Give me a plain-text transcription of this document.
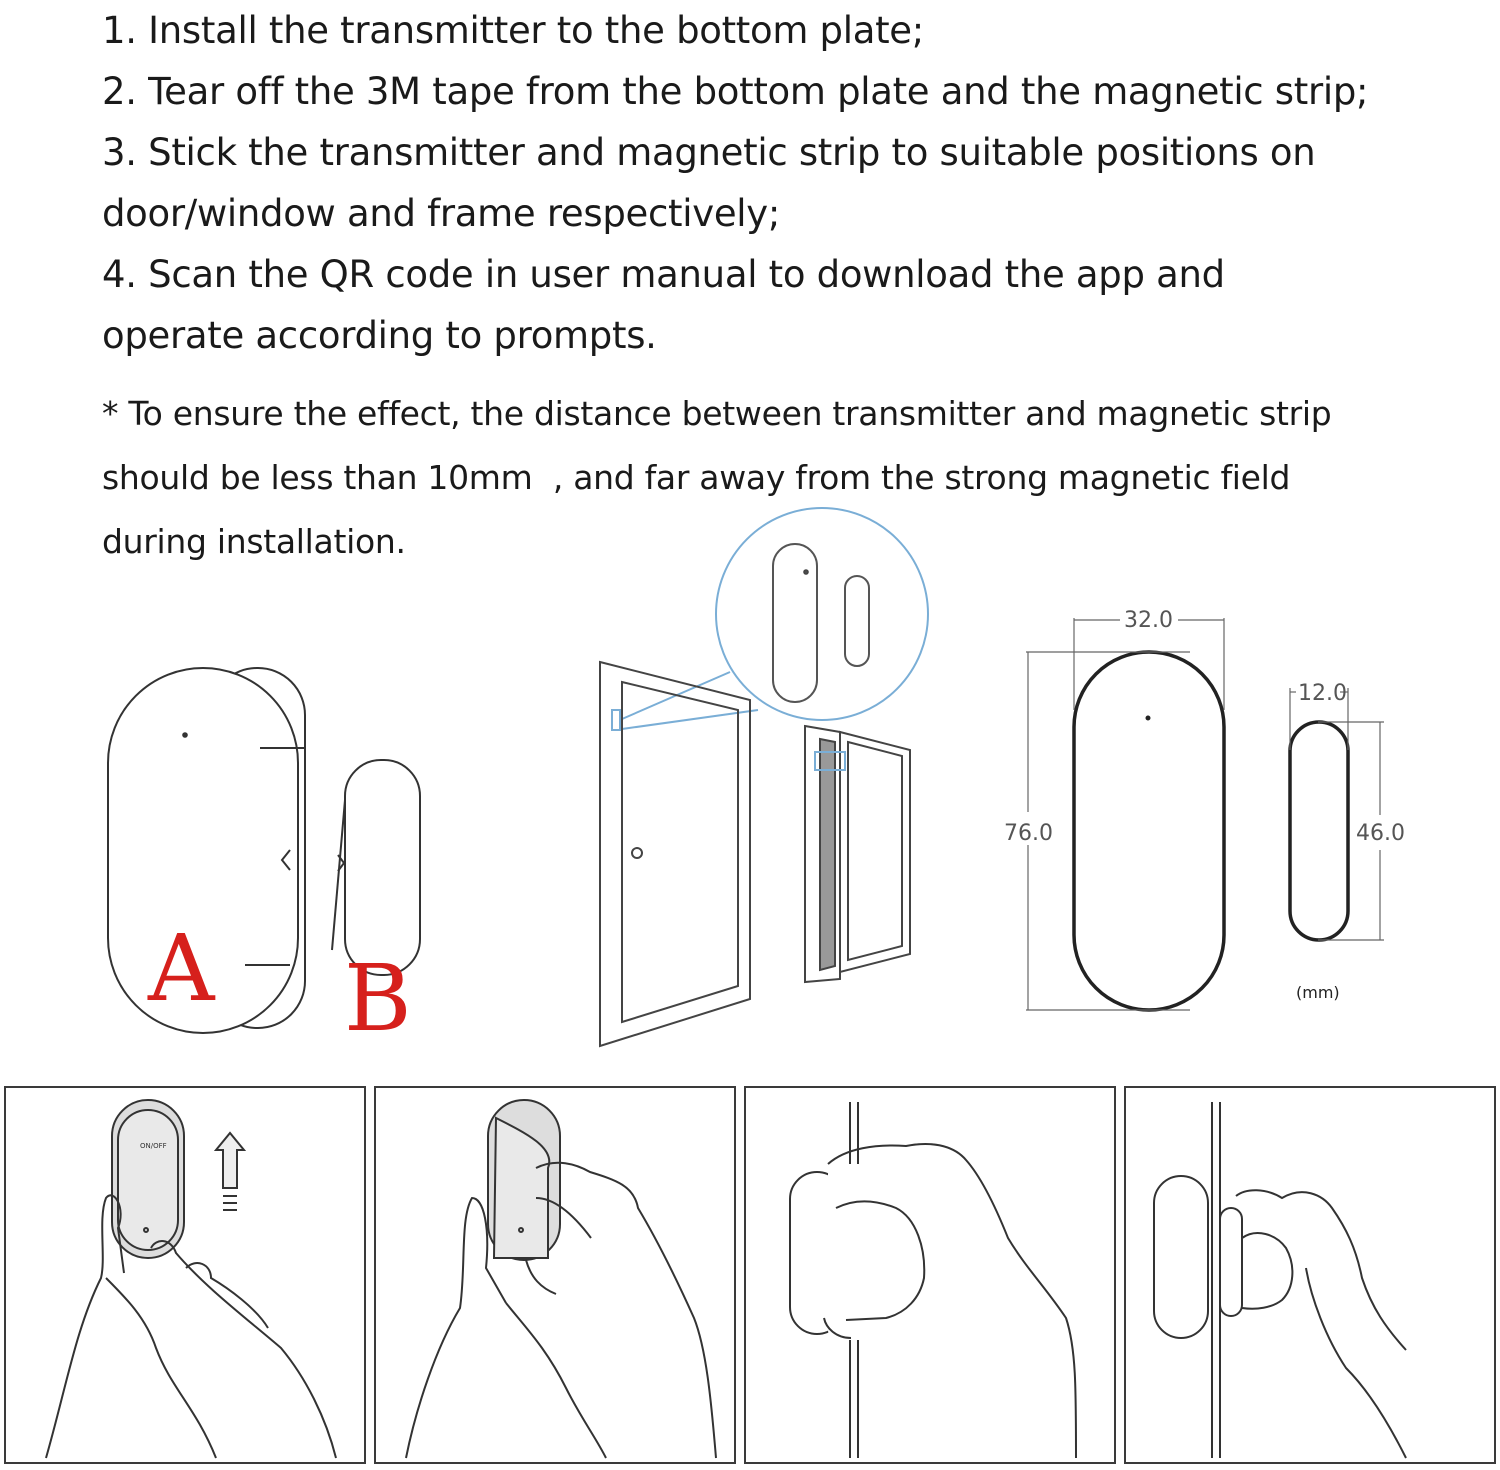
1. Install the transmitter to the bottom plate;

2. Tear off the 3M tape from the bottom plate and the magnetic strip;

3. Stick the transmitter and magnetic strip to suitable positions on

door/window and frame respectively;

4. Scan the QR code in user manual to download the app and

operate according to prompts.

* To ensure the effect, the distance between transmitter and magnetic strip

should be less than 10mm  , and far away from the strong magnetic field

during installation.

A B
32.0
76.0
12.0
46.0
(mm)
ON/OFF
